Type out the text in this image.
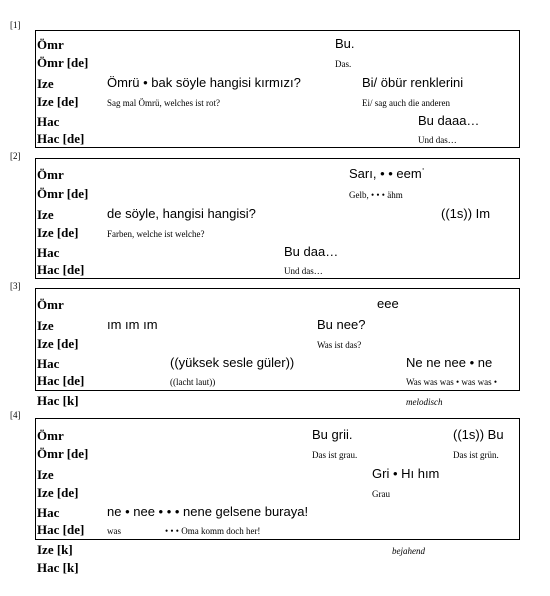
[1]
Ömr	Bu.
Ömr [de]	Das.
Ize	Ömrü • bak söyle hangisi kırmızı?	Bi/ öbür renklerini
Ize [de]	Sag mal Ömrü, welches ist rot?	Ei/ sag auch die anderen
Hac	Bu daaa…
Hac [de]	Und das…
[2]
Ömr	Sarı, • • eem˙
Ömr [de]	Gelb, • • • ähm
Ize	de söyle, hangisi hangisi?	((1s)) Im
Ize [de]	Farben, welche ist welche?
Hac	Bu daa…
Hac [de]	Und das…
[3]
Ömr	eee
Ize	ım ım ım	Bu nee?
Ize [de]	Was ist das?
Hac	((yüksek sesle güler))	Ne ne nee • ne
Hac [de]	((lacht laut))	Was was was • was was •
Hac [k]	melodisch
[4]
Ömr	Bu grii.	((1s)) Bu
Ömr [de]	Das ist grau.	Das ist grün.
Ize	Gri • Hı hım
Ize [de]	Grau
Hac	ne • nee • • • nene gelsene buraya!
Hac [de]	was	• • • Oma komm doch her!
Ize [k]	bejahend
Hac [k]
